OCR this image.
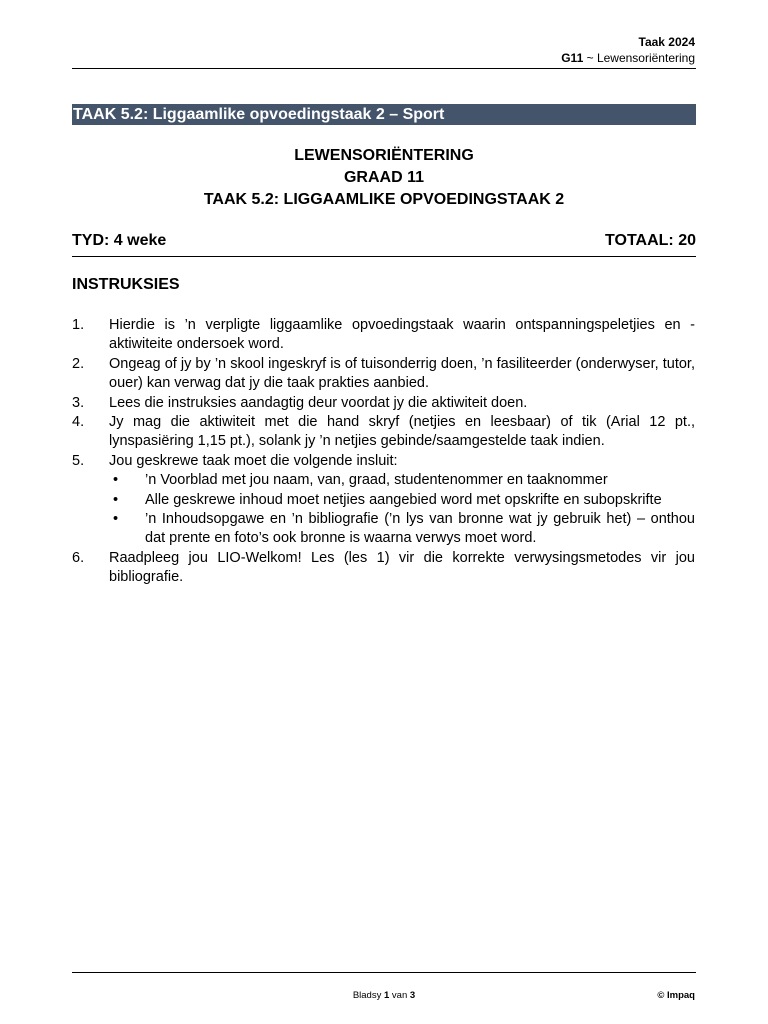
Taak 2024
G11 ~ Lewensoriëntering
TAAK 5.2: Liggaamlike opvoedingstaak 2 – Sport
LEWENSORIËNTERING
GRAAD 11
TAAK 5.2: LIGGAAMLIKE OPVOEDINGSTAAK 2
TYD: 4 weke	TOTAAL: 20
INSTRUKSIES
1.	Hierdie is ’n verpligte liggaamlike opvoedingstaak waarin ontspanningspeletjies en -aktiwiteite ondersoek word.
2.	Ongeag of jy by ’n skool ingeskryf is of tuisonderrig doen, ’n fasiliteerder (onderwyser, tutor, ouer) kan verwag dat jy die taak prakties aanbied.
3.	Lees die instruksies aandagtig deur voordat jy die aktiwiteit doen.
4.	Jy mag die aktiwiteit met die hand skryf (netjies en leesbaar) of tik (Arial 12 pt., lynspasiëring 1,15 pt.), solank jy ’n netjies gebinde/saamgestelde taak indien.
5.	Jou geskrewe taak moet die volgende insluit:
•	’n Voorblad met jou naam, van, graad, studentenommer en taaknommer
•	Alle geskrewe inhoud moet netjies aangebied word met opskrifte en subopskrifte
•	’n Inhoudsopgawe en ’n bibliografie (’n lys van bronne wat jy gebruik het) – onthou dat prente en foto’s ook bronne is waarna verwys moet word.
6.	Raadpleeg jou LIO-Welkom! Les (les 1) vir die korrekte verwysingsmetodes vir jou bibliografie.
Bladsy 1 van 3	© Impaq
